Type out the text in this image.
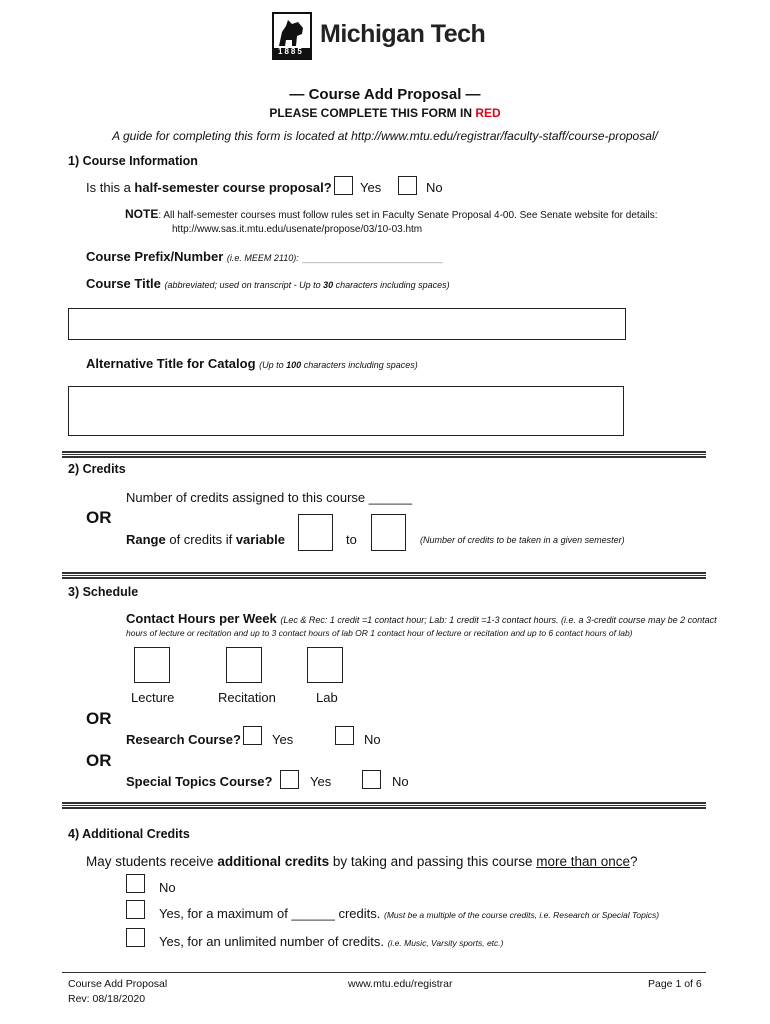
1885
Michigan Tech
— Course Add Proposal —
PLEASE COMPLETE THIS FORM IN RED
A guide for completing this form is located at http://www.mtu.edu/registrar/faculty-staff/course-proposal/
1) Course Information
Is this a half-semester course proposal? Yes	No
NOTE: All half-semester courses must follow rules set in Faculty Senate Proposal 4-00. See Senate website for details:
http://www.sas.it.mtu.edu/usenate/propose/03/10-03.htm
Course Prefix/Number (i.e. MEEM 2110): ____________________________
Course Title (abbreviated; used on transcript - Up to 30 characters including spaces)
Alternative Title for Catalog (Up to 100 characters including spaces)
2) Credits
Number of credits assigned to this course ______
OR
Range of credits if variable	to	(Number of credits to be taken in a given semester)
3) Schedule
Contact Hours per Week (Lec & Rec: 1 credit =1 contact hour; Lab: 1 credit =1-3 contact hours. (i.e. a 3-credit course may be 2 contact
hours of lecture or recitation and up to 3 contact hours of lab OR 1 contact hour of lecture or recitation and up to 6 contact hours of lab)
Lecture	Recitation	Lab
OR
Research Course? Yes	No
OR
Special Topics Course?	Yes	No
4) Additional Credits
May students receive additional credits by taking and passing this course more than once?
No
Yes, for a maximum of ______ credits. (Must be a multiple of the course credits, i.e. Research or Special Topics)
Yes, for an unlimited number of credits. (i.e. Music, Varsity sports, etc.)
Course Add Proposal
Rev: 08/18/2020
www.mtu.edu/registrar	Page 1 of 6
